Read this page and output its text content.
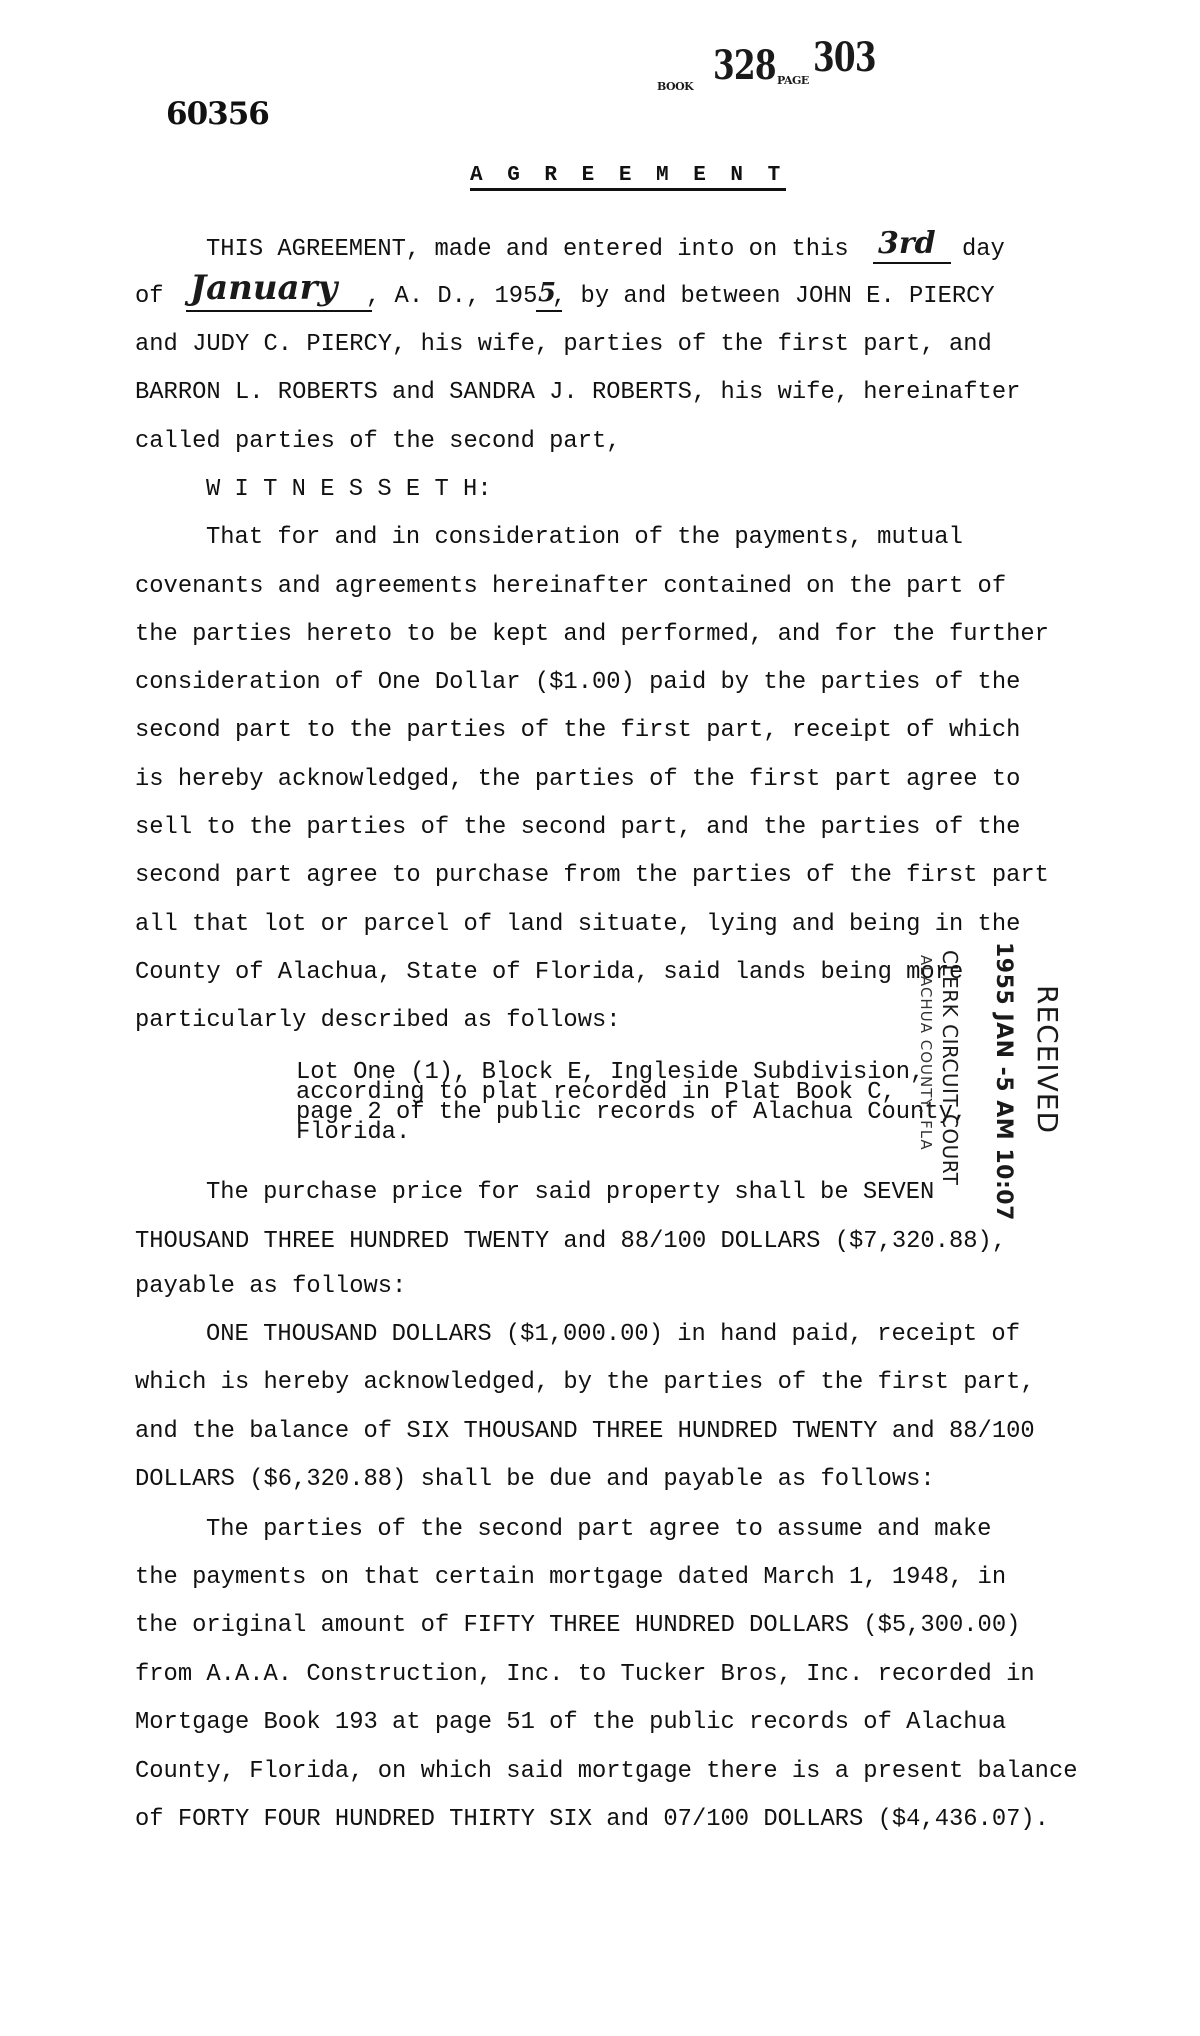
60356
BOOK 328 PAGE 303
A G R E E M E N T
THIS AGREEMENT, made and entered into on this 3rd day
of January , A. D., 195 5
, by and between JOHN E. PIERCY
and JUDY C. PIERCY, his wife, parties of the first part, and
BARRON L. ROBERTS and SANDRA J. ROBERTS, his wife, hereinafter
called parties of the second part,
W I T N E S S E T H:
That for and in consideration of the payments, mutual
covenants and agreements hereinafter contained on the part of
the parties hereto to be kept and performed, and for the further
consideration of One Dollar ($1.00) paid by the parties of the
second part to the parties of the first part, receipt of which
is hereby acknowledged, the parties of the first part agree to
sell to the parties of the second part, and the parties of the
second part agree to purchase from the parties of the first part
all that lot or parcel of land situate, lying and being in the
County of Alachua, State of Florida, said lands being more
particularly described as follows:
Lot One (1), Block E, Ingleside Subdivision,
according to plat recorded in Plat Book C,
page 2 of the public records of Alachua County,
Florida.
The purchase price for said property shall be SEVEN
THOUSAND THREE HUNDRED TWENTY and 88/100 DOLLARS ($7,320.88),
payable as follows:
ONE THOUSAND DOLLARS ($1,000.00) in hand paid, receipt of
which is hereby acknowledged, by the parties of the first part,
and the balance of SIX THOUSAND THREE HUNDRED TWENTY and 88/100
DOLLARS ($6,320.88) shall be due and payable as follows:
The parties of the second part agree to assume and make
the payments on that certain mortgage dated March 1, 1948, in
the original amount of FIFTY THREE HUNDRED DOLLARS ($5,300.00)
from A.A.A. Construction, Inc. to Tucker Bros, Inc. recorded in
Mortgage Book 193 at page 51 of the public records of Alachua
County, Florida, on which said mortgage there is a present balance
of FORTY FOUR HUNDRED THIRTY SIX and 07/100 DOLLARS ($4,436.07).
ALACHUA COUNTY, FLA CLERK CIRCUIT COURT 1955 JAN -5 AM 10:07 RECEIVED
